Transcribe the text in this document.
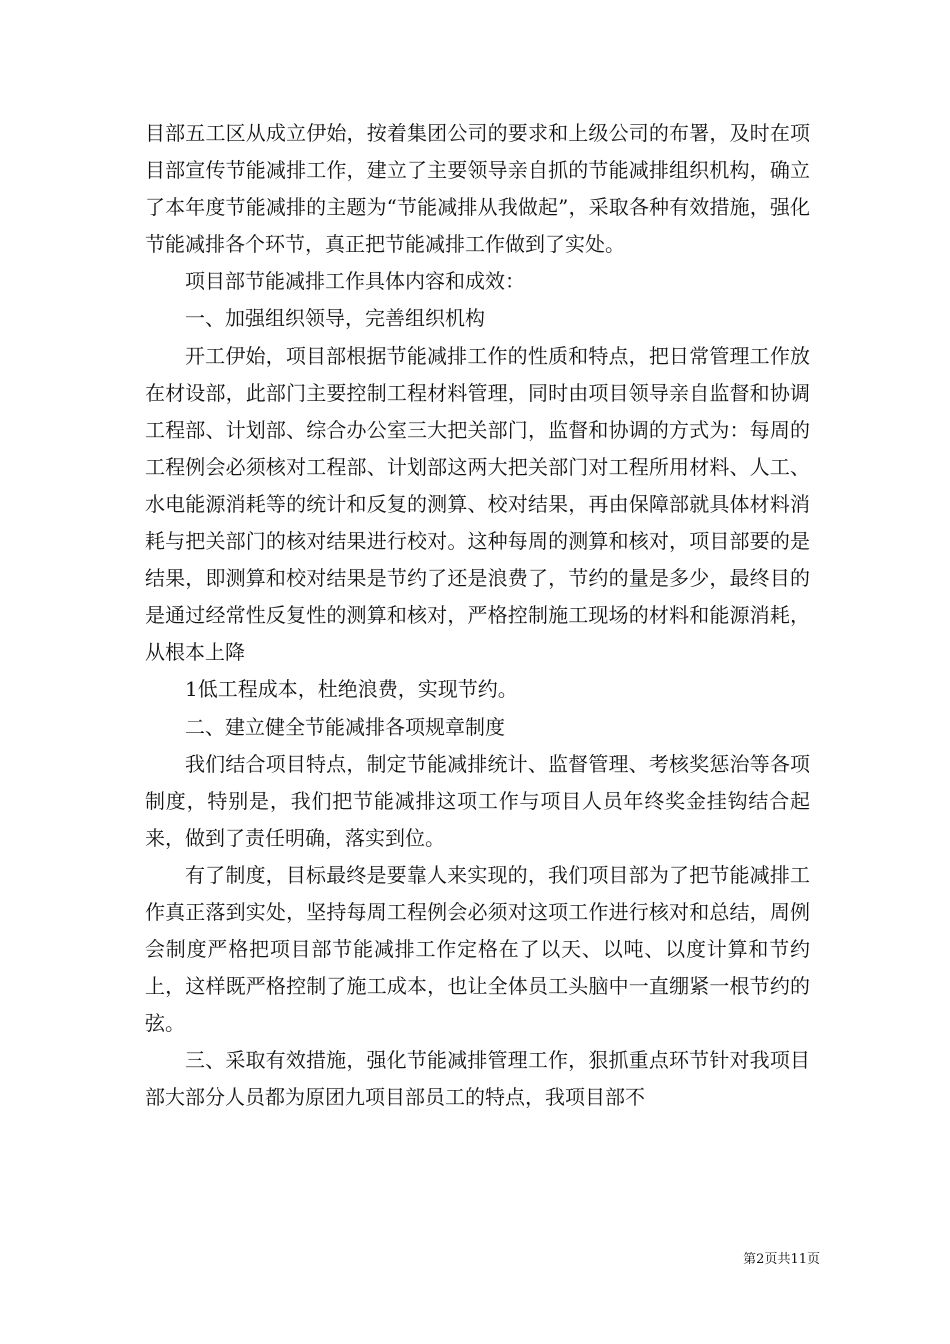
目部五工区从成立伊始，按着集团公司的要求和上级公司的布署，及时在项目部宣传节能减排工作，建立了主要领导亲自抓的节能减排组织机构，确立了本年度节能减排的主题为“节能减排从我做起”，采取各种有效措施，强化节能减排各个环节，真正把节能减排工作做到了实处。

项目部节能减排工作具体内容和成效：

一、加强组织领导，完善组织机构

开工伊始，项目部根据节能减排工作的性质和特点，把日常管理工作放在材设部，此部门主要控制工程材料管理，同时由项目领导亲自监督和协调工程部、计划部、综合办公室三大把关部门，监督和协调的方式为：每周的工程例会必须核对工程部、计划部这两大把关部门对工程所用材料、人工、水电能源消耗等的统计和反复的测算、校对结果，再由保障部就具体材料消耗与把关部门的核对结果进行校对。这种每周的测算和核对，项目部要的是结果，即测算和校对结果是节约了还是浪费了，节约的量是多少，最终目的是通过经常性反复性的测算和核对，严格控制施工现场的材料和能源消耗，从根本上降

1低工程成本，杜绝浪费，实现节约。

二、建立健全节能减排各项规章制度

我们结合项目特点，制定节能减排统计、监督管理、考核奖惩治等各项制度，特别是，我们把节能减排这项工作与项目人员年终奖金挂钩结合起来，做到了责任明确，落实到位。

有了制度，目标最终是要靠人来实现的，我们项目部为了把节能减排工作真正落到实处，坚持每周工程例会必须对这项工作进行核对和总结，周例会制度严格把项目部节能减排工作定格在了以天、以吨、以度计算和节约上，这样既严格控制了施工成本，也让全体员工头脑中一直绷紧一根节约的弦。

三、采取有效措施，强化节能减排管理工作，狠抓重点环节针对我项目部大部分人员都为原团九项目部员工的特点，我项目部不

第2页共11页
